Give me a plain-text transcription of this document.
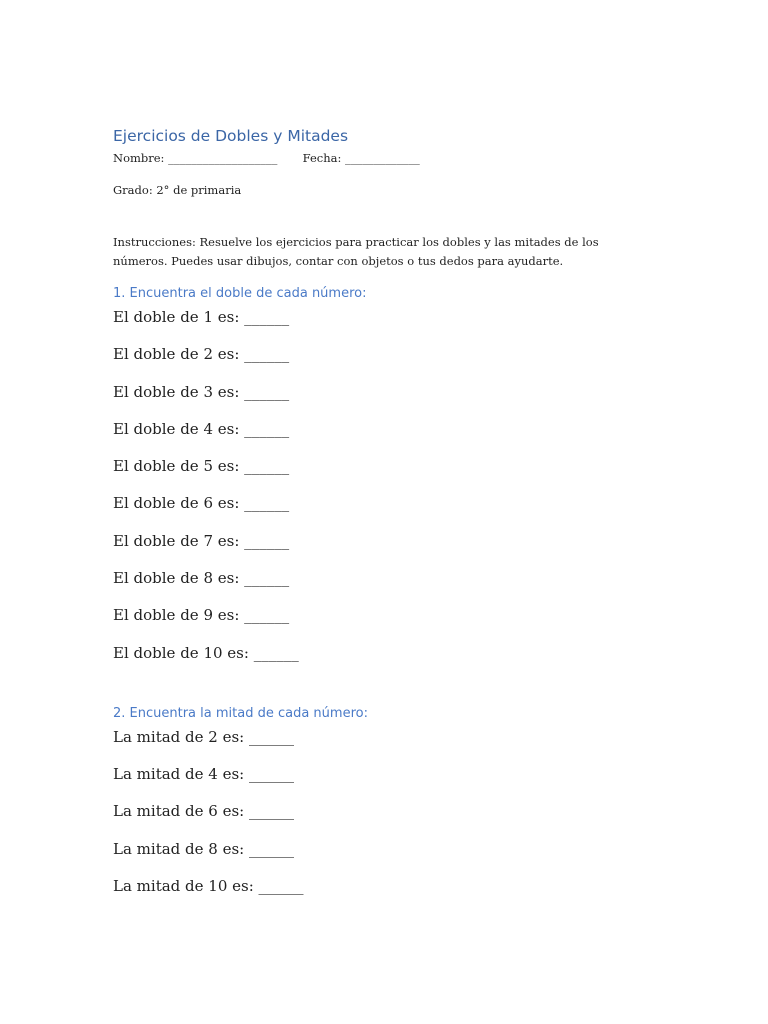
Ejercicios de Dobles y Mitades
Nombre: ___________________ Fecha: _____________
Grado: 2° de primaria
Instrucciones: Resuelve los ejercicios para practicar los dobles y las mitades de los números. Puedes usar dibujos, contar con objetos o tus dedos para ayudarte.
1. Encuentra el doble de cada número:
El doble de 1 es: ______
El doble de 2 es: ______
El doble de 3 es: ______
El doble de 4 es: ______
El doble de 5 es: ______
El doble de 6 es: ______
El doble de 7 es: ______
El doble de 8 es: ______
El doble de 9 es: ______
El doble de 10 es: ______
2. Encuentra la mitad de cada número:
La mitad de 2 es: ______
La mitad de 4 es: ______
La mitad de 6 es: ______
La mitad de 8 es: ______
La mitad de 10 es: ______
